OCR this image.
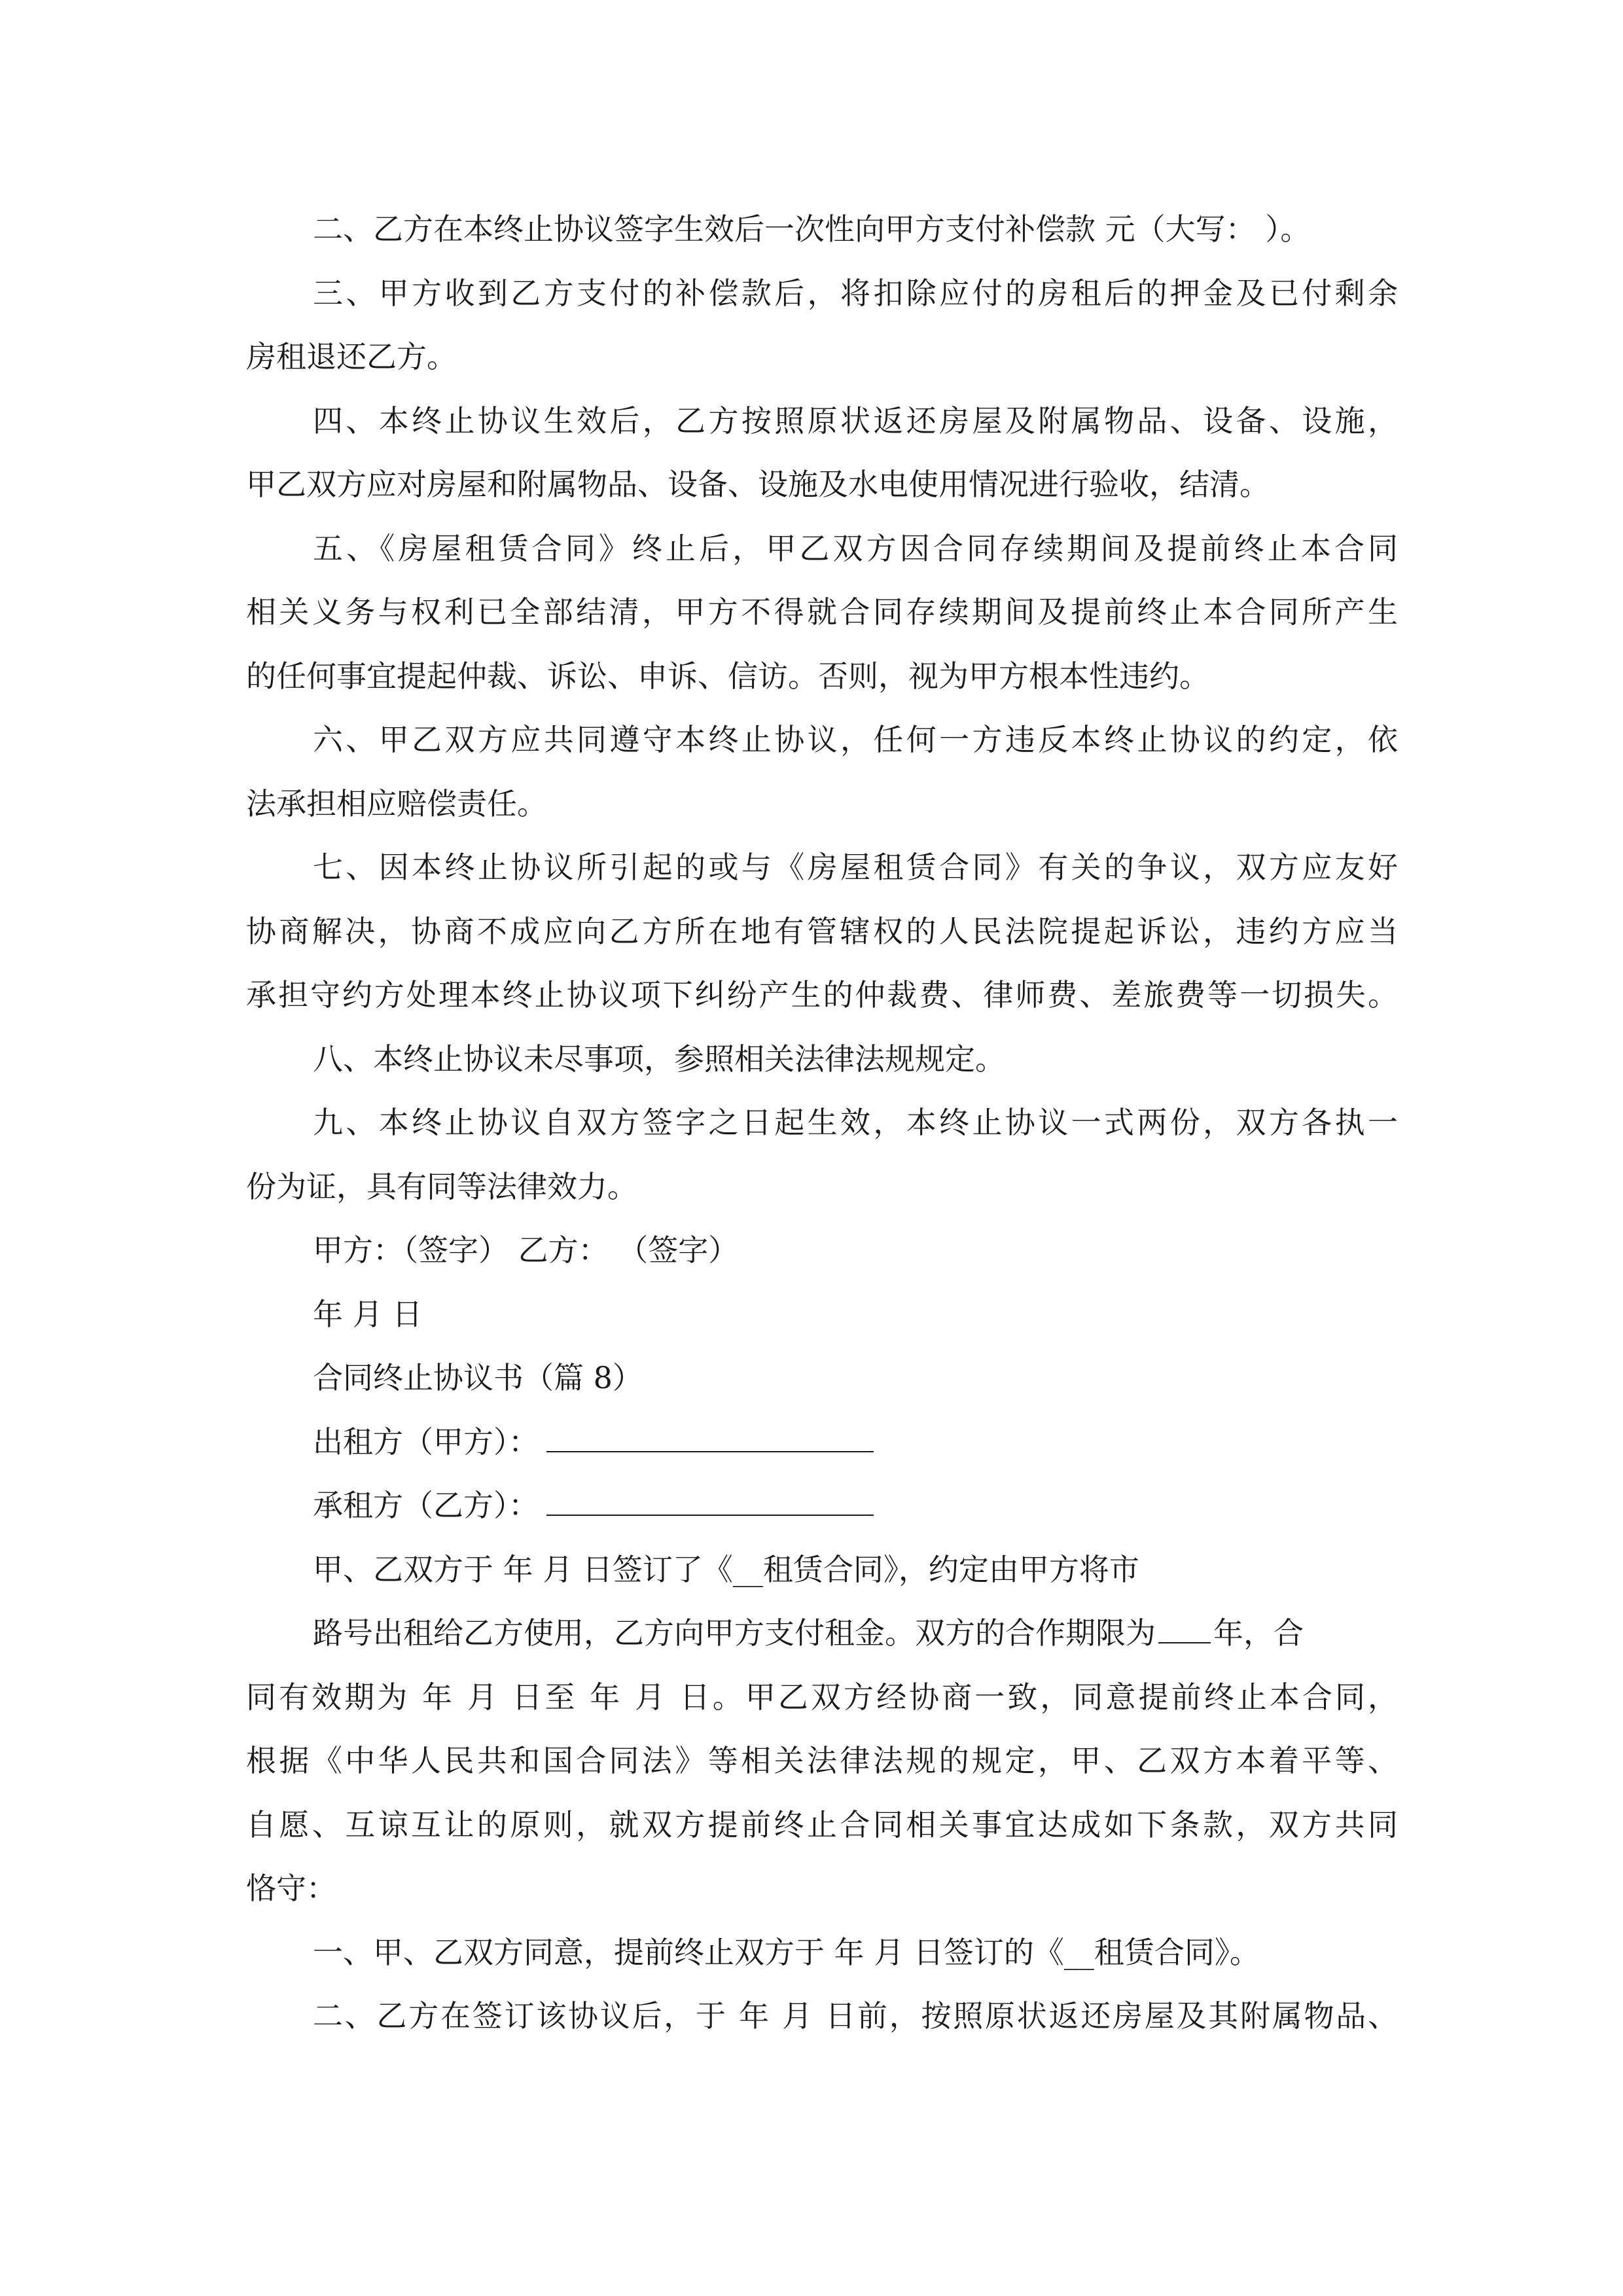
二、乙方在本终止协议签字生效后一次性向甲方支付补偿款 元（大写： ）。
三、甲方收到乙方支付的补偿款后，将扣除应付的房租后的押金及已付剩余
房租退还乙方。
四、本终止协议生效后，乙方按照原状返还房屋及附属物品、设备、设施，
甲乙双方应对房屋和附属物品、设备、设施及水电使用情况进行验收，结清。
五、《房屋租赁合同》终止后，甲乙双方因合同存续期间及提前终止本合同
相关义务与权利已全部结清，甲方不得就合同存续期间及提前终止本合同所产生
的任何事宜提起仲裁、诉讼、申诉、信访。否则，视为甲方根本性违约。
六、甲乙双方应共同遵守本终止协议，任何一方违反本终止协议的约定，依
法承担相应赔偿责任。
七、因本终止协议所引起的或与《房屋租赁合同》有关的争议，双方应友好
协商解决，协商不成应向乙方所在地有管辖权的人民法院提起诉讼，违约方应当
承担守约方处理本终止协议项下纠纷产生的仲裁费、律师费、差旅费等一切损失。
八、本终止协议未尽事项，参照相关法律法规规定。
九、本终止协议自双方签字之日起生效，本终止协议一式两份，双方各执一
份为证，具有同等法律效力。
甲方：（签字） 乙方： （签字）
年 月 日
合同终止协议书（篇 8）
出租方（甲方）：
承租方（乙方）：
甲、乙双方于 年 月 日签订了《__租赁合同》，约定由甲方将市
路号出租给乙方使用，乙方向甲方支付租金。双方的合作期限为 年，合
同有效期为 年 月 日至 年 月 日。甲乙双方经协商一致，同意提前终止本合同，
根据《中华人民共和国合同法》等相关法律法规的规定，甲、乙双方本着平等、
自愿、互谅互让的原则，就双方提前终止合同相关事宜达成如下条款，双方共同
恪守：
一、甲、乙双方同意，提前终止双方于 年 月 日签订的《__租赁合同》。
二、乙方在签订该协议后，于 年 月 日前，按照原状返还房屋及其附属物品、
